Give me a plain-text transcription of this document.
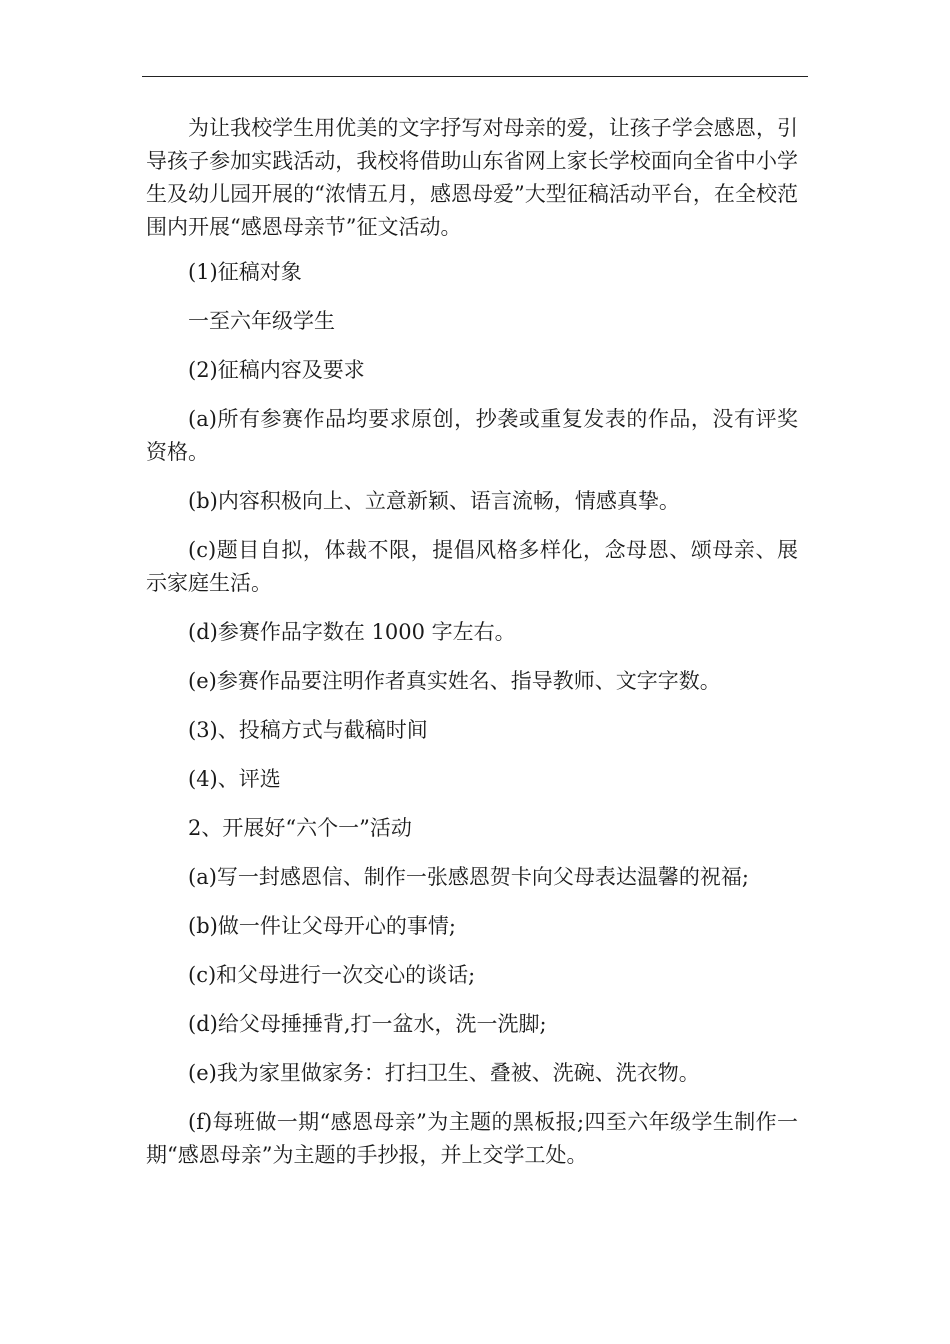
为让我校学生用优美的文字抒写对母亲的爱，让孩子学会感恩，引导孩子参加实践活动，我校将借助山东省网上家长学校面向全省中小学生及幼儿园开展的“浓情五月，感恩母爱”大型征稿活动平台，在全校范围内开展“感恩母亲节”征文活动。

(1)征稿对象

一至六年级学生

(2)征稿内容及要求

(a)所有参赛作品均要求原创，抄袭或重复发表的作品，没有评奖资格。

(b)内容积极向上、立意新颖、语言流畅，情感真挚。

(c)题目自拟，体裁不限，提倡风格多样化，念母恩、颂母亲、展示家庭生活。

(d)参赛作品字数在 1000 字左右。

(e)参赛作品要注明作者真实姓名、指导教师、文字字数。

(3)、投稿方式与截稿时间

(4)、评选

2、开展好“六个一”活动

(a)写一封感恩信、制作一张感恩贺卡向父母表达温馨的祝福;

(b)做一件让父母开心的事情;

(c)和父母进行一次交心的谈话;

(d)给父母捶捶背,打一盆水，洗一洗脚;

(e)我为家里做家务：打扫卫生、叠被、洗碗、洗衣物。

(f)每班做一期“感恩母亲”为主题的黑板报;四至六年级学生制作一期“感恩母亲”为主题的手抄报，并上交学工处。
